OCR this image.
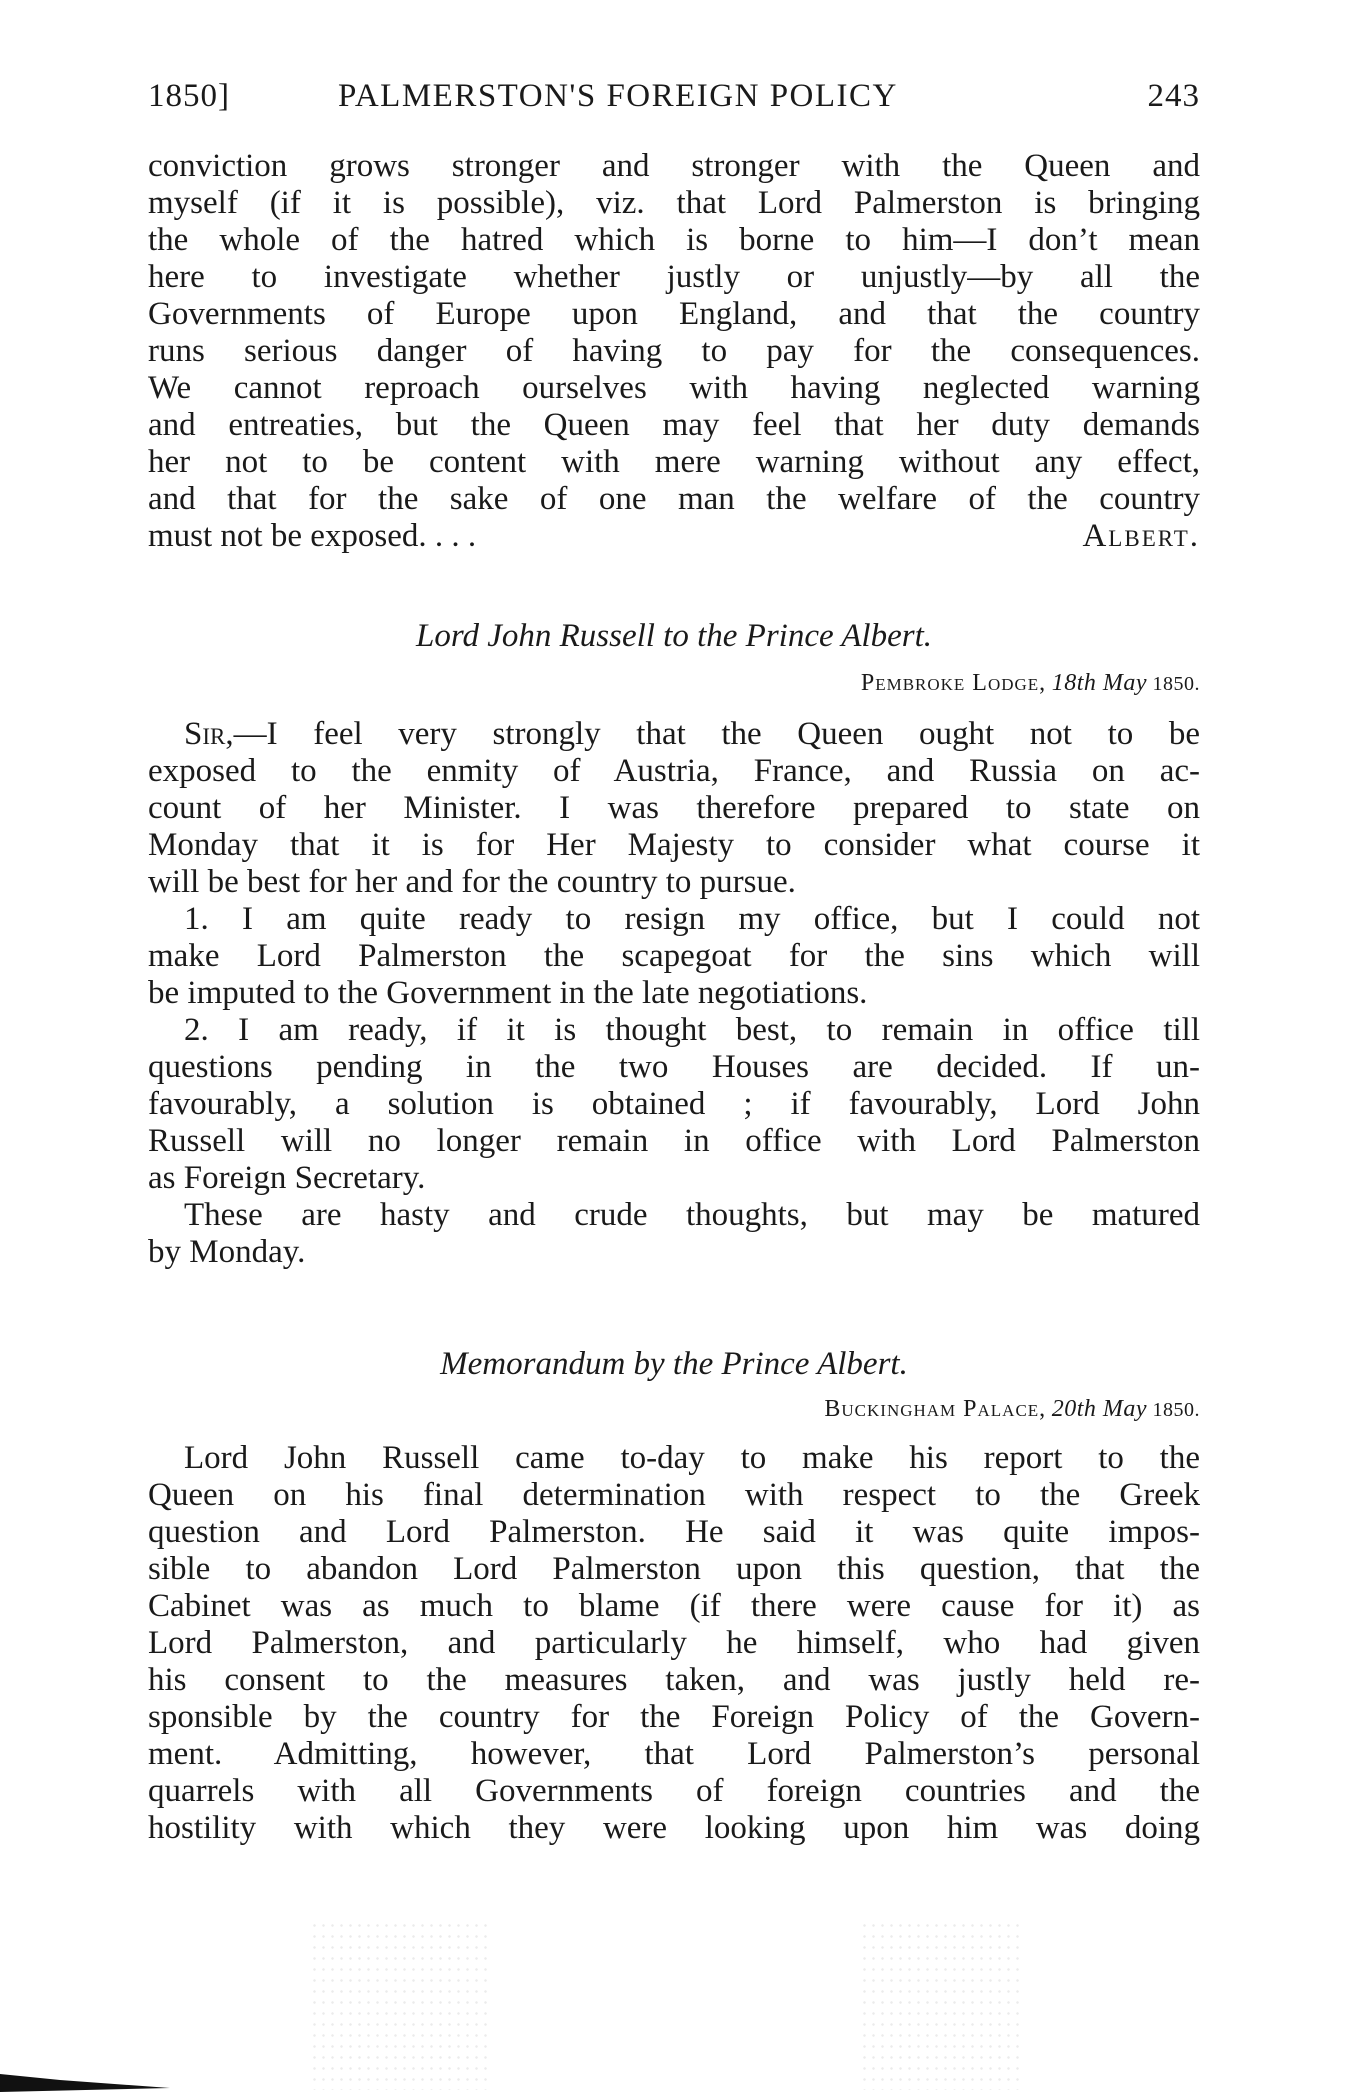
1850]	PALMERSTON'S FOREIGN POLICY	243
conviction grows stronger and stronger with the Queen and
myself (if it is possible), viz. that Lord Palmerston is bringing
the whole of the hatred which is borne to him—I don’t mean
here to investigate whether justly or unjustly—by all the
Governments of Europe upon England, and that the country
runs serious danger of having to pay for the consequences.
We cannot reproach ourselves with having neglected warning
and entreaties, but the Queen may feel that her duty demands
her not to be content with mere warning without any effect,
and that for the sake of one man the welfare of the country
must not be exposed. . . .	Albert.
Lord John Russell to the Prince Albert.
Pembroke Lodge, 18th May 1850.
Sir,—I feel very strongly that the Queen ought not to be
exposed to the enmity of Austria, France, and Russia on ac-
count of her Minister. I was therefore prepared to state on
Monday that it is for Her Majesty to consider what course it
will be best for her and for the country to pursue.
1. I am quite ready to resign my office, but I could not
make Lord Palmerston the scapegoat for the sins which will
be imputed to the Government in the late negotiations.
2. I am ready, if it is thought best, to remain in office till
questions pending in the two Houses are decided. If un-
favourably, a solution is obtained ; if favourably, Lord John
Russell will no longer remain in office with Lord Palmerston
as Foreign Secretary.
These are hasty and crude thoughts, but may be matured
by Monday.
Memorandum by the Prince Albert.
Buckingham Palace, 20th May 1850.
Lord John Russell came to-day to make his report to the
Queen on his final determination with respect to the Greek
question and Lord Palmerston. He said it was quite impos-
sible to abandon Lord Palmerston upon this question, that the
Cabinet was as much to blame (if there were cause for it) as
Lord Palmerston, and particularly he himself, who had given
his consent to the measures taken, and was justly held re-
sponsible by the country for the Foreign Policy of the Govern-
ment. Admitting, however, that Lord Palmerston’s personal
quarrels with all Governments of foreign countries and the
hostility with which they were looking upon him was doing
